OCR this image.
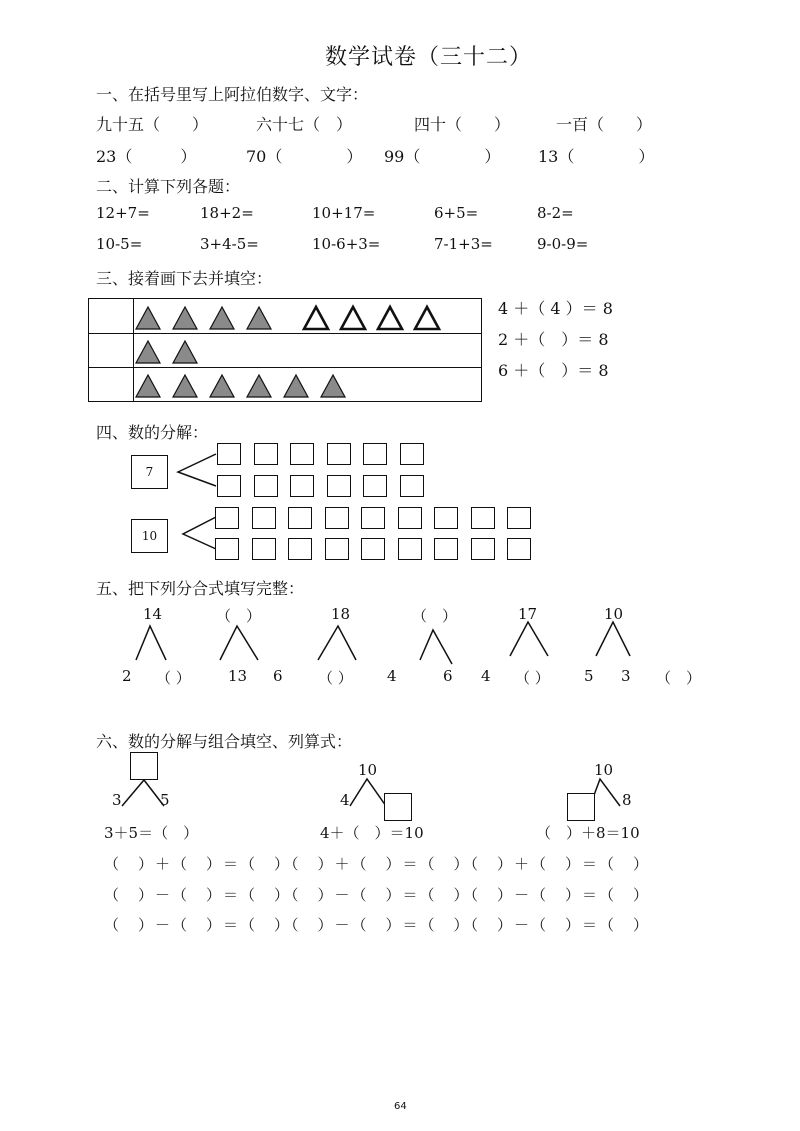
数学试卷（三十二）
一、在括号里写上阿拉伯数字、文字：
九十五（　　）	六十七（　）	四十（　　）	一百（　　）
23（　　　）	70（　　　　） 99（　　　　） 13（　　　　）
二、计算下列各题：
12+7=	18+2=	10+17=	6+5=	8-2=
10-5=	3+4-5=	10-6+3=	7-1+3=	9-0-9=
三、接着画下去并填空：
4 ＋（ 4 ）＝ 8
2 ＋（　）＝ 8
6 ＋（　）＝ 8
四、数的分解：
7
10
五、把下列分合式填写完整：
14	（　）	18	（　）	17	10
2 （ ） 13 6 （ ） 4	6 4 （ ） 5 3 （　）
六、数的分解与组合填空、列算式：
3	5
10
4
10
8
3＋5＝（　）	4＋（　）＝10	（　）＋8＝10
（　）＋（　）＝（　）（　）＋（　）＝（　）（　）＋（　）＝（　）
（　）－（　）＝（　）（　）－（　）＝（　）（　）－（　）＝（　）
（　）－（　）＝（　）（　）－（　）＝（　）（　）－（　）＝（　）
64
